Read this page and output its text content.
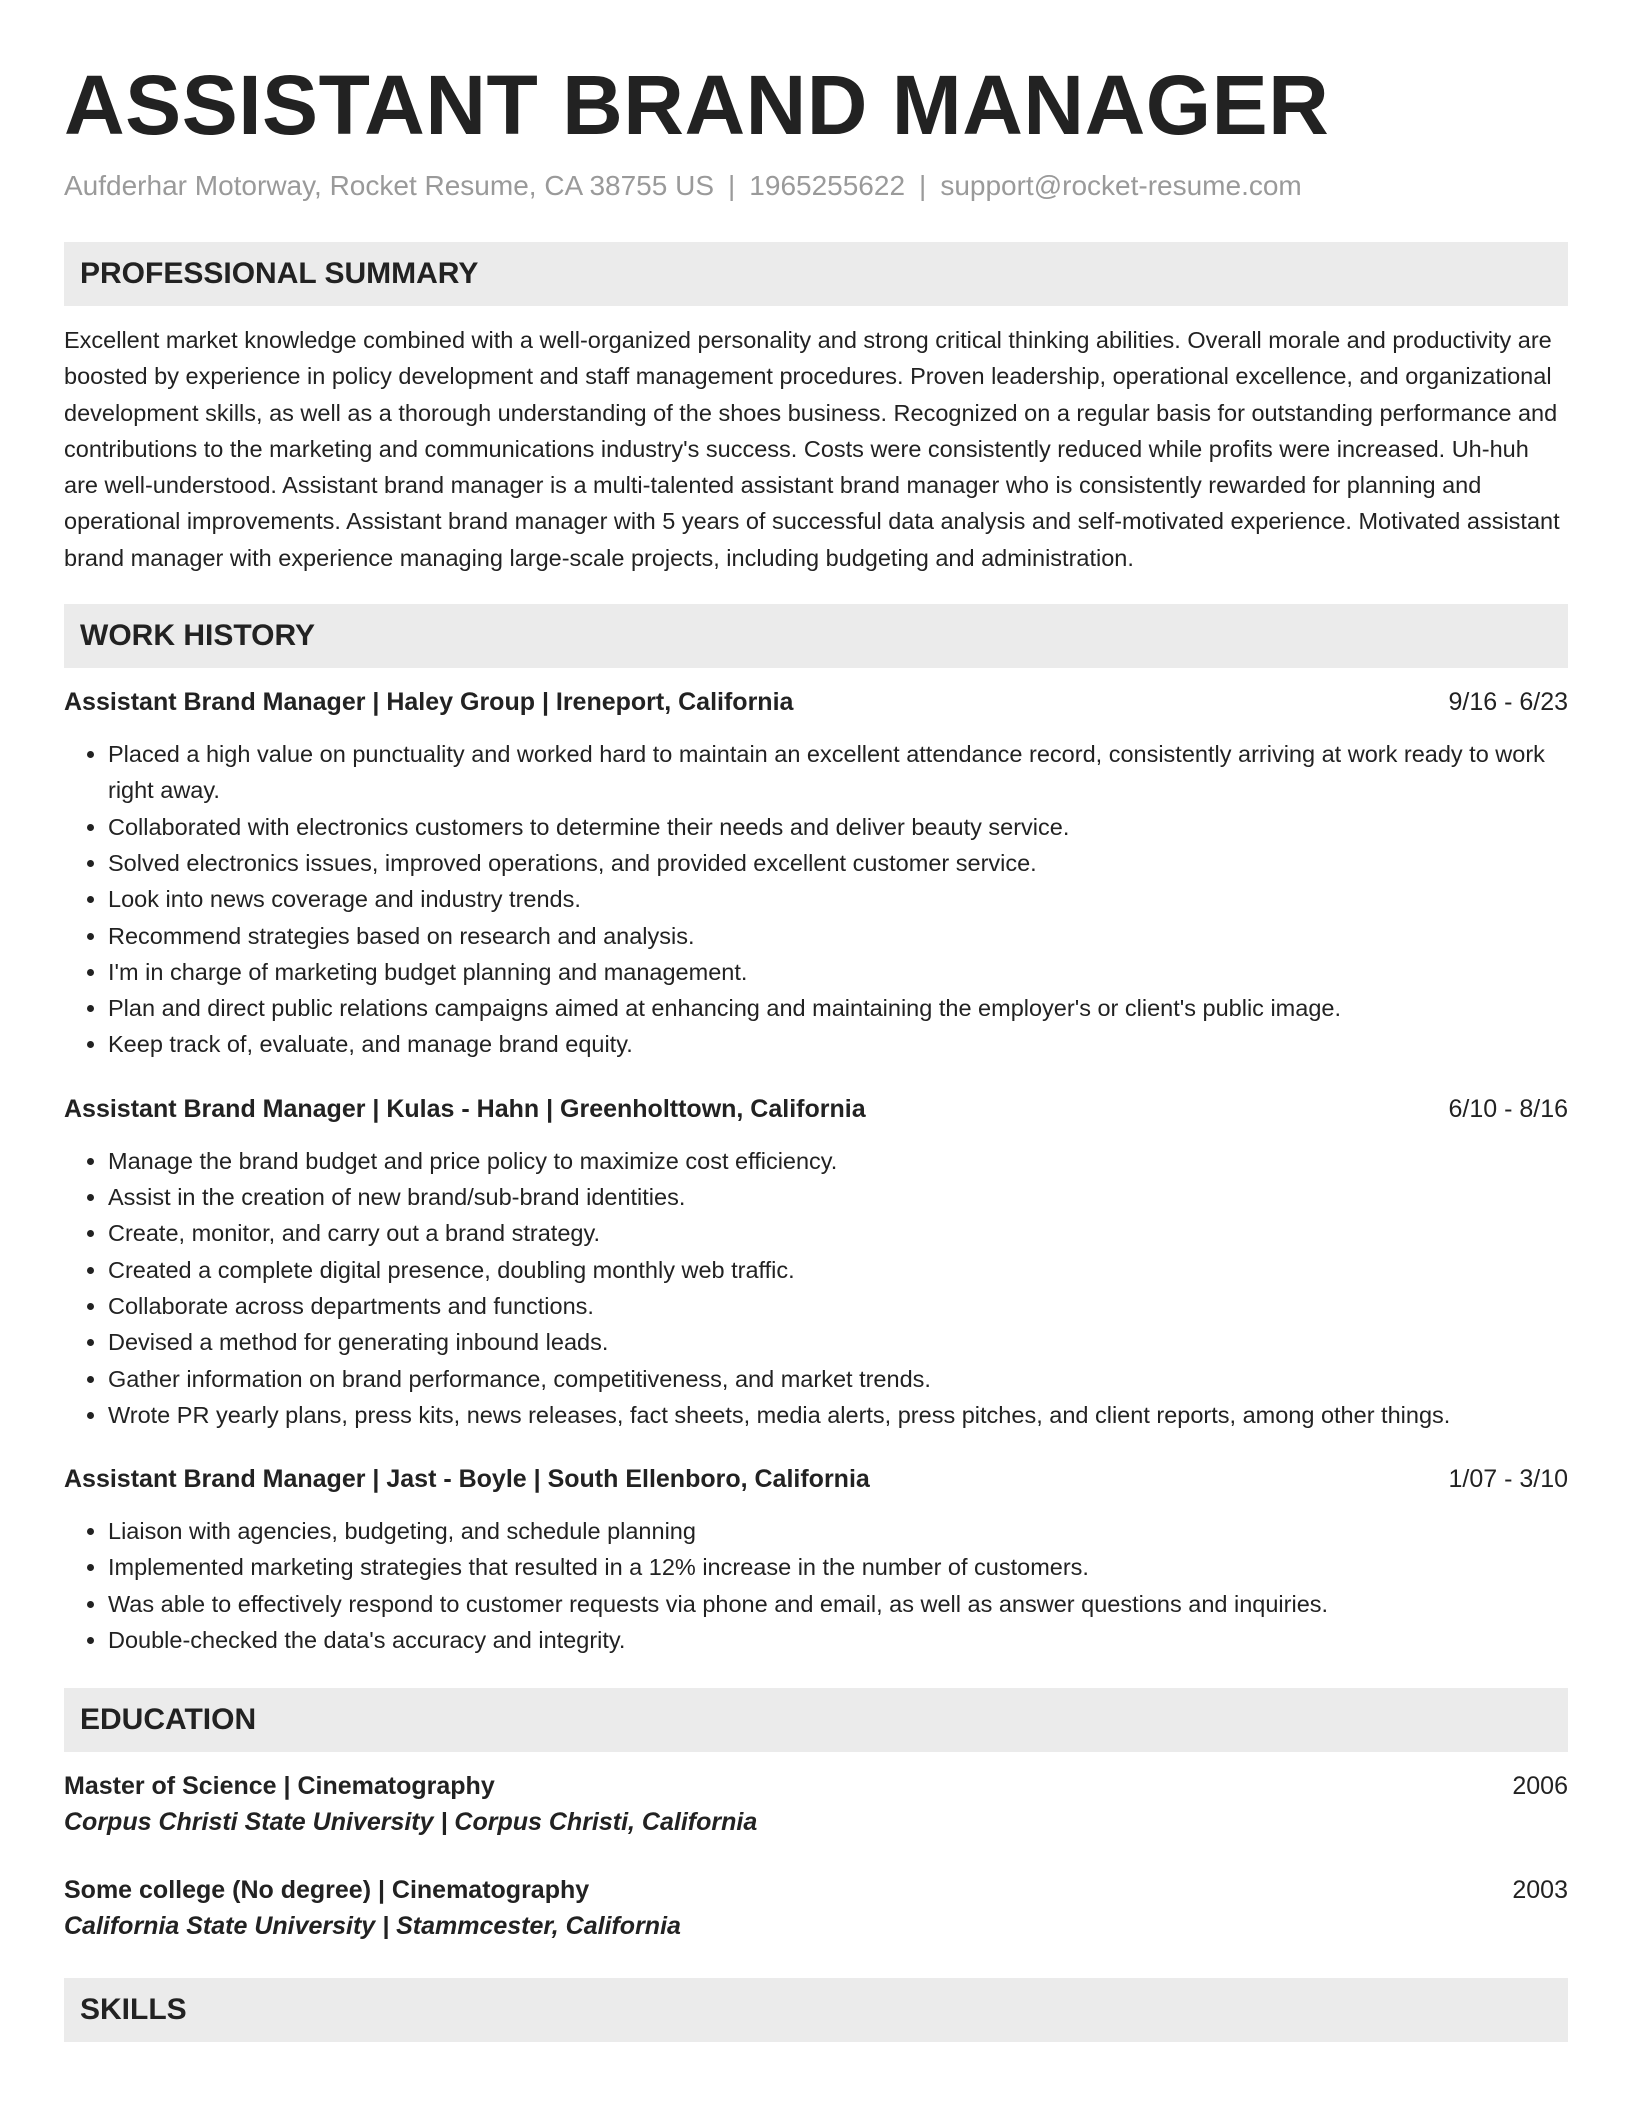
ASSISTANT BRAND MANAGER
Aufderhar Motorway, Rocket Resume, CA 38755 US | 1965255622 | support@rocket-resume.com
PROFESSIONAL SUMMARY

Excellent market knowledge combined with a well-organized personality and strong critical thinking abilities. Overall morale and productivity are boosted by experience in policy development and staff management procedures. Proven leadership, operational excellence, and organizational development skills, as well as a thorough understanding of the shoes business. Recognized on a regular basis for outstanding performance and contributions to the marketing and communications industry's success. Costs were consistently reduced while profits were increased. Uh-huh are well-understood. Assistant brand manager is a multi-talented assistant brand manager who is consistently rewarded for planning and operational improvements. Assistant brand manager with 5 years of successful data analysis and self-motivated experience. Motivated assistant brand manager with experience managing large-scale projects, including budgeting and administration.

WORK HISTORY
Assistant Brand Manager | Haley Group | Ireneport, California	9/16 - 6/23
• Placed a high value on punctuality and worked hard to maintain an excellent attendance record, consistently arriving at work ready to work right away.
• Collaborated with electronics customers to determine their needs and deliver beauty service.
• Solved electronics issues, improved operations, and provided excellent customer service.
• Look into news coverage and industry trends.
• Recommend strategies based on research and analysis.
• I'm in charge of marketing budget planning and management.
• Plan and direct public relations campaigns aimed at enhancing and maintaining the employer's or client's public image.
• Keep track of, evaluate, and manage brand equity.
Assistant Brand Manager | Kulas - Hahn | Greenholttown, California	6/10 - 8/16
• Manage the brand budget and price policy to maximize cost efficiency.
• Assist in the creation of new brand/sub-brand identities.
• Create, monitor, and carry out a brand strategy.
• Created a complete digital presence, doubling monthly web traffic.
• Collaborate across departments and functions.
• Devised a method for generating inbound leads.
• Gather information on brand performance, competitiveness, and market trends.
• Wrote PR yearly plans, press kits, news releases, fact sheets, media alerts, press pitches, and client reports, among other things.
Assistant Brand Manager | Jast - Boyle | South Ellenboro, California	1/07 - 3/10
• Liaison with agencies, budgeting, and schedule planning
• Implemented marketing strategies that resulted in a 12% increase in the number of customers.
• Was able to effectively respond to customer requests via phone and email, as well as answer questions and inquiries.
• Double-checked the data's accuracy and integrity.
EDUCATION
Master of Science | Cinematography	2006
Corpus Christi State University | Corpus Christi, California
Some college (No degree) | Cinematography	2003
California State University | Stammcester, California
SKILLS
